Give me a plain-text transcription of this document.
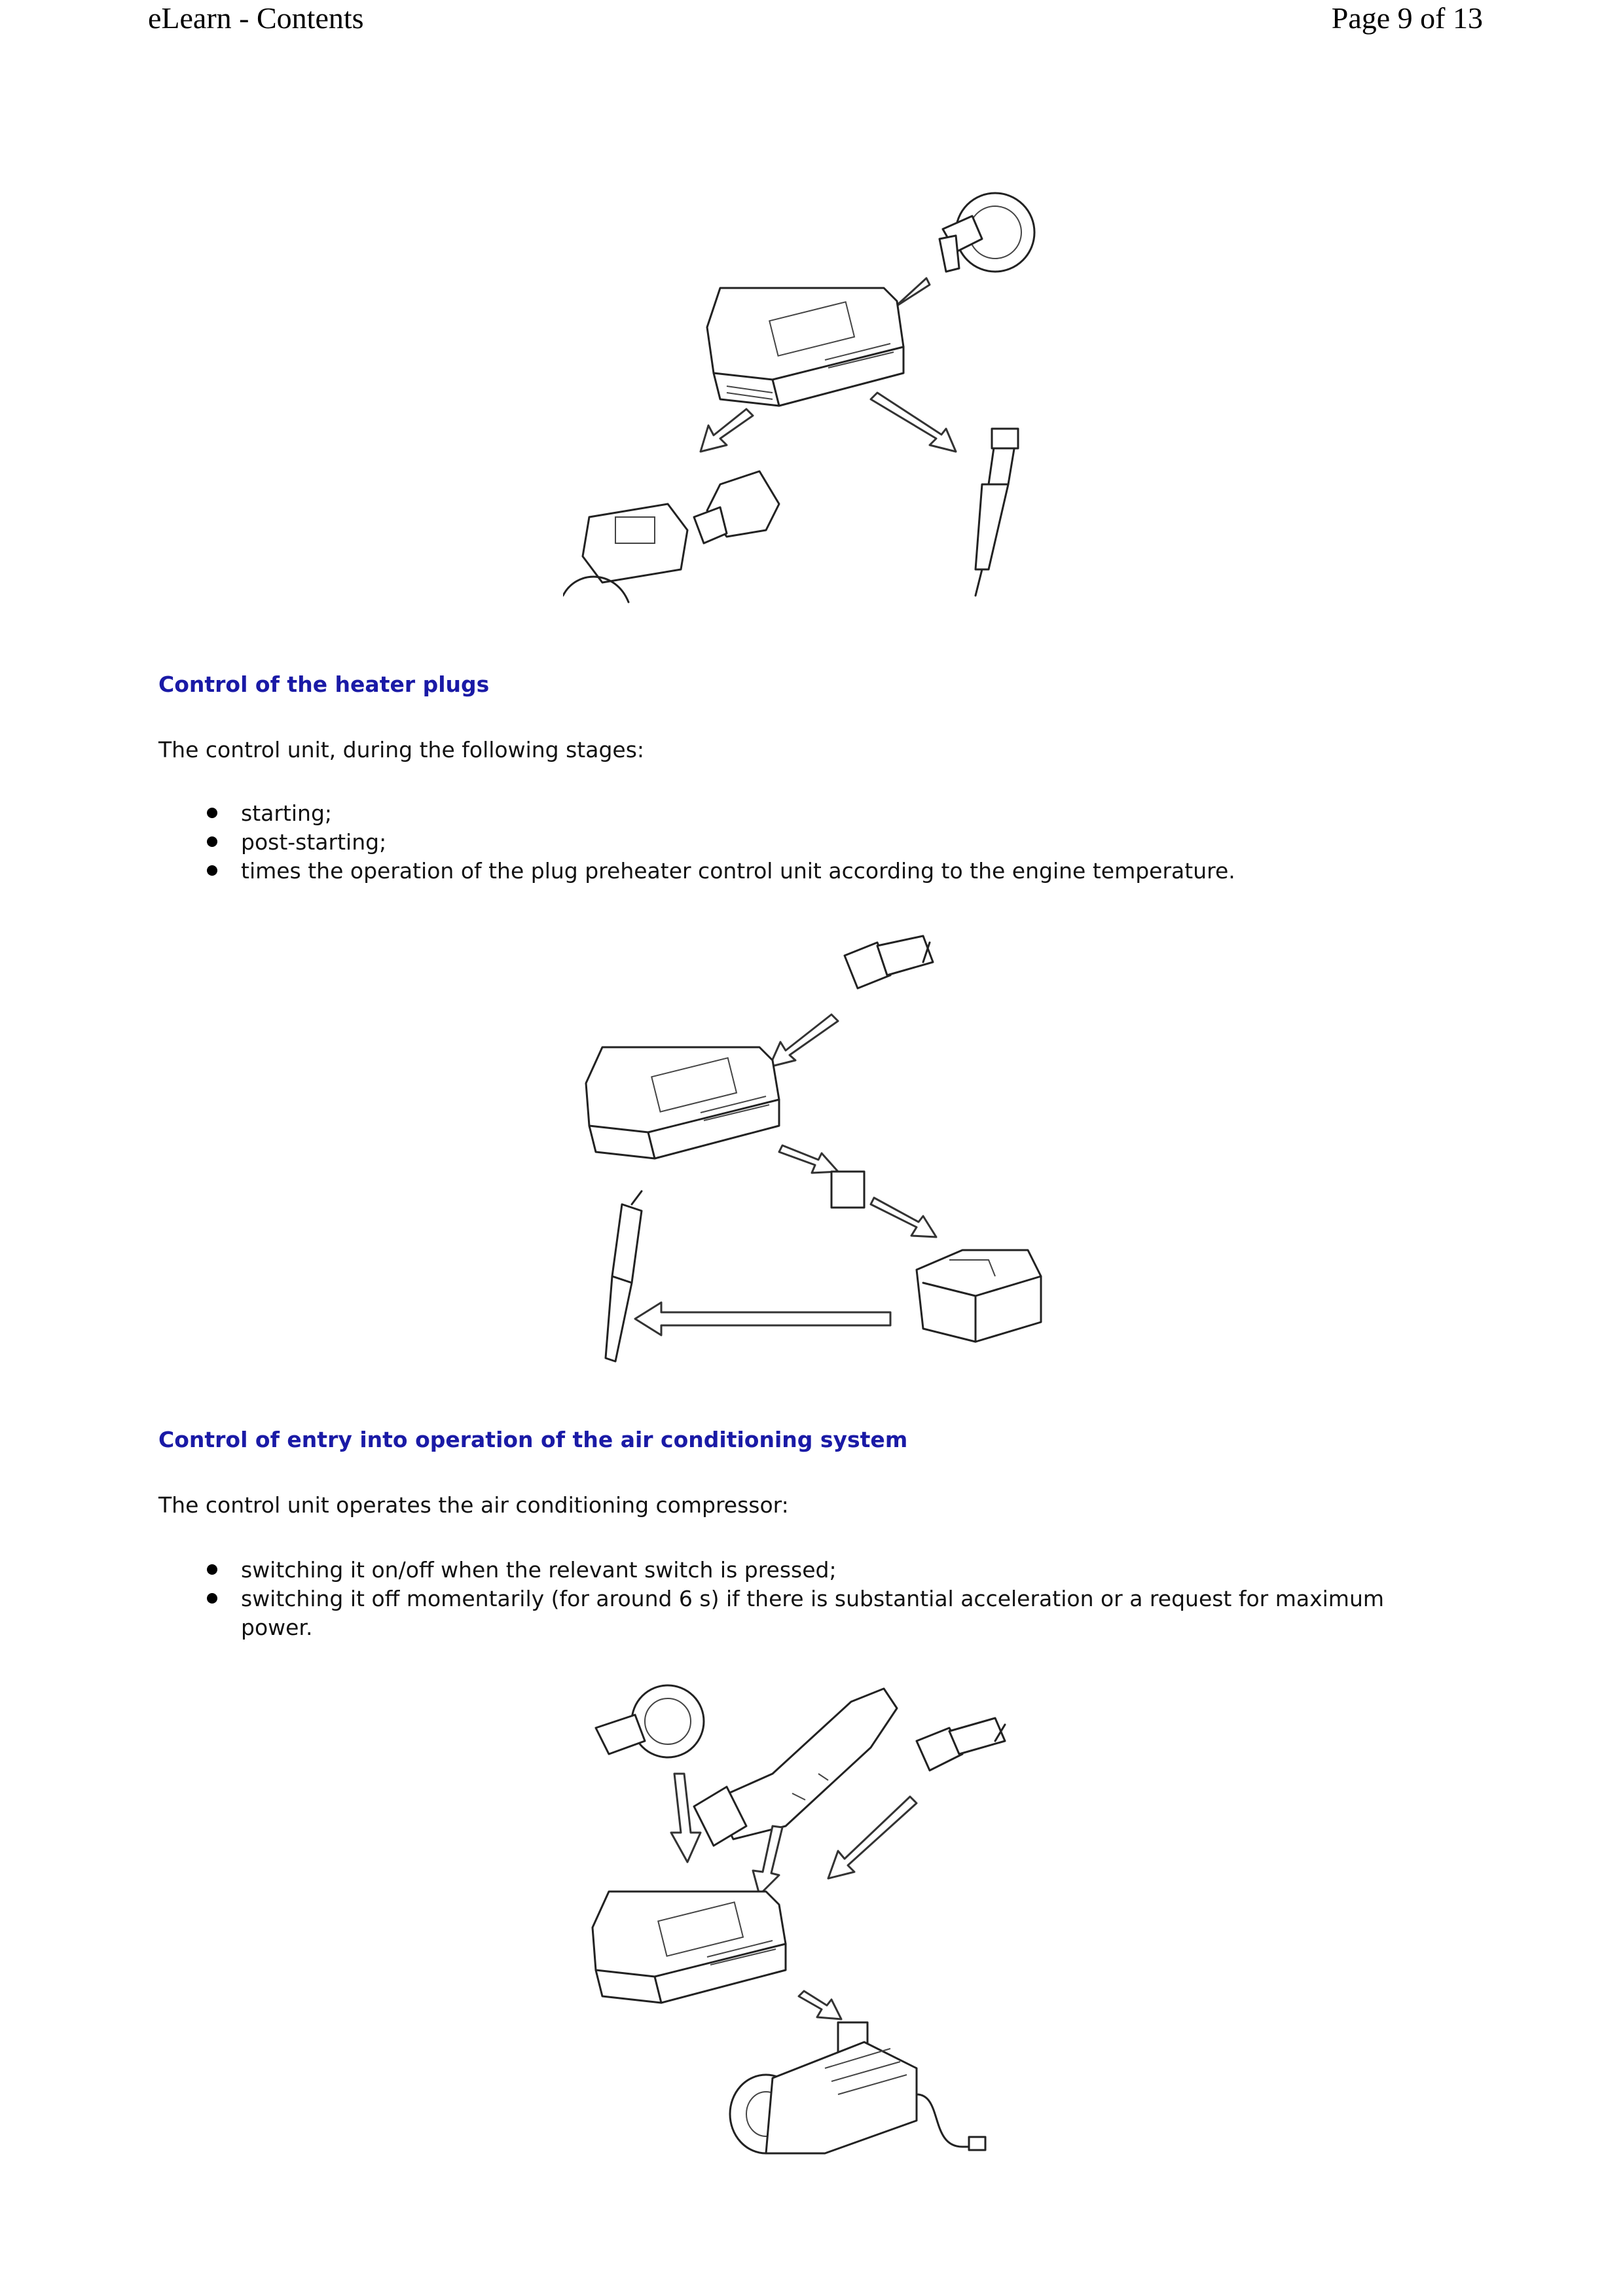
eLearn - Contents	Page 9 of 13
Control of the heater plugs

The control unit, during the following stages:

starting;
post-starting;
times the operation of the plug preheater control unit according to the engine temperature.
Control of entry into operation of the air conditioning system

The control unit operates the air conditioning compressor:

switching it on/off when the relevant switch is pressed;
switching it off momentarily (for around 6 s) if there is substantial acceleration or a request for maximum power.
